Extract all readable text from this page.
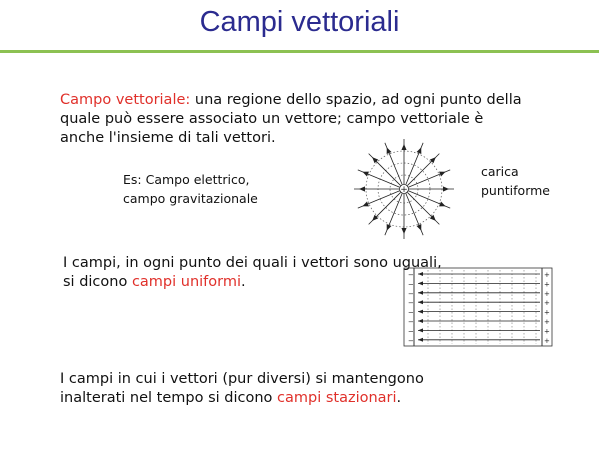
Campi vettoriali
Campo vettoriale: una regione dello spazio, ad ogni punto della
quale può essere associato un vettore; campo vettoriale è
anche l'insieme di tali vettori.
Es: Campo elettrico,
campo gravitazionale
+
carica
puntiforme
I campi, in ogni punto dei quali i vettori sono uguali,
si dicono campi uniformi.	−	+
−	+
−	+
−	+
−	+
−	+
−	+
−	+
I campi in cui i vettori (pur diversi) si mantengono
inalterati nel tempo si dicono campi stazionari.
